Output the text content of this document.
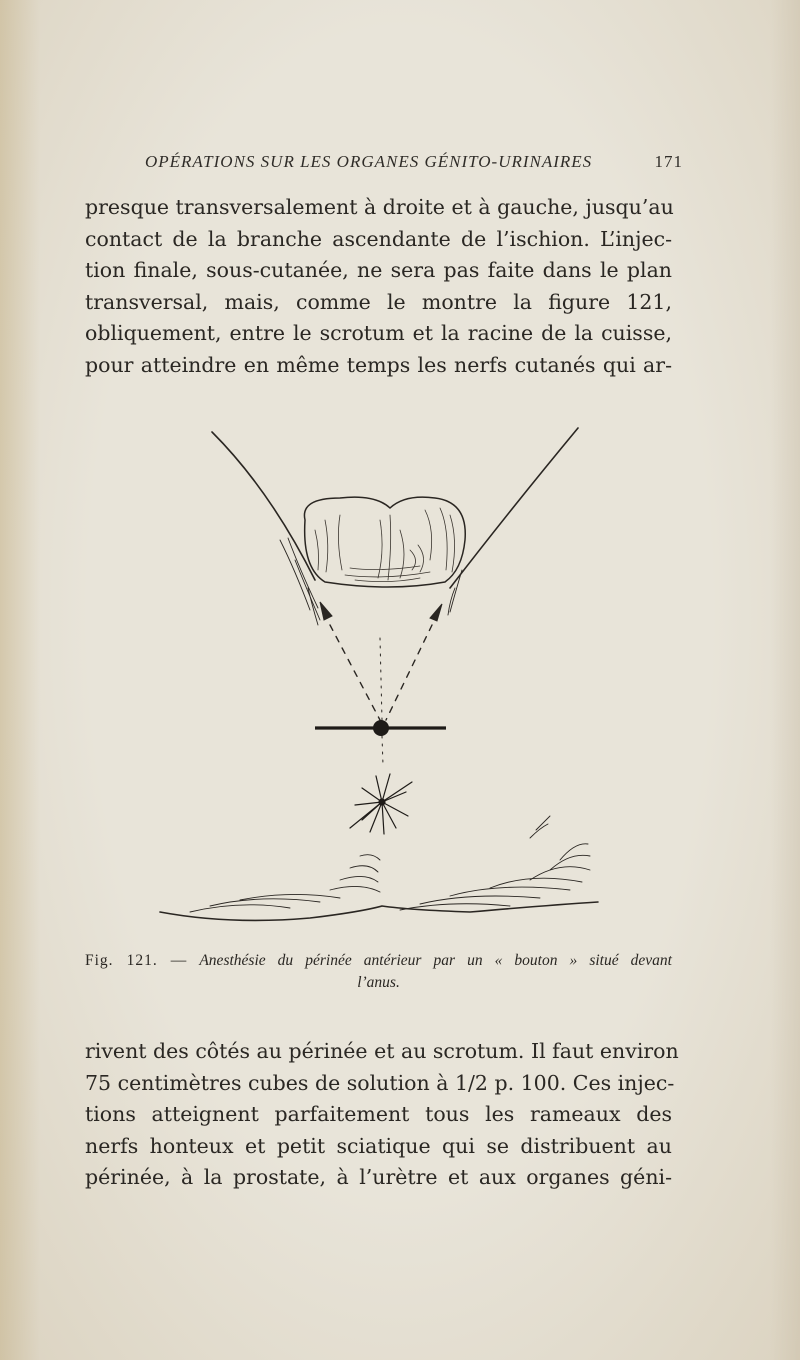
OPÉRATIONS SUR LES ORGANES GÉNITO-URINAIRES	171
presque transversalement à droite et à gauche, jusqu’au
contact de la branche ascendante de l’ischion. L’injec-
tion finale, sous-cutanée, ne sera pas faite dans le plan
transversal, mais, comme le montre la figure 121,
obliquement, entre le scrotum et la racine de la cuisse,
pour atteindre en même temps les nerfs cutanés qui ar-
Fig. 121. — Anesthésie du périnée antérieur par un « bouton » situé devant
l’anus.
rivent des côtés au périnée et au scrotum. Il faut environ
75 centimètres cubes de solution à 1/2 p. 100. Ces injec-
tions atteignent parfaitement tous les rameaux des
nerfs honteux et petit sciatique qui se distribuent au
périnée, à la prostate, à l’urètre et aux organes géni-
